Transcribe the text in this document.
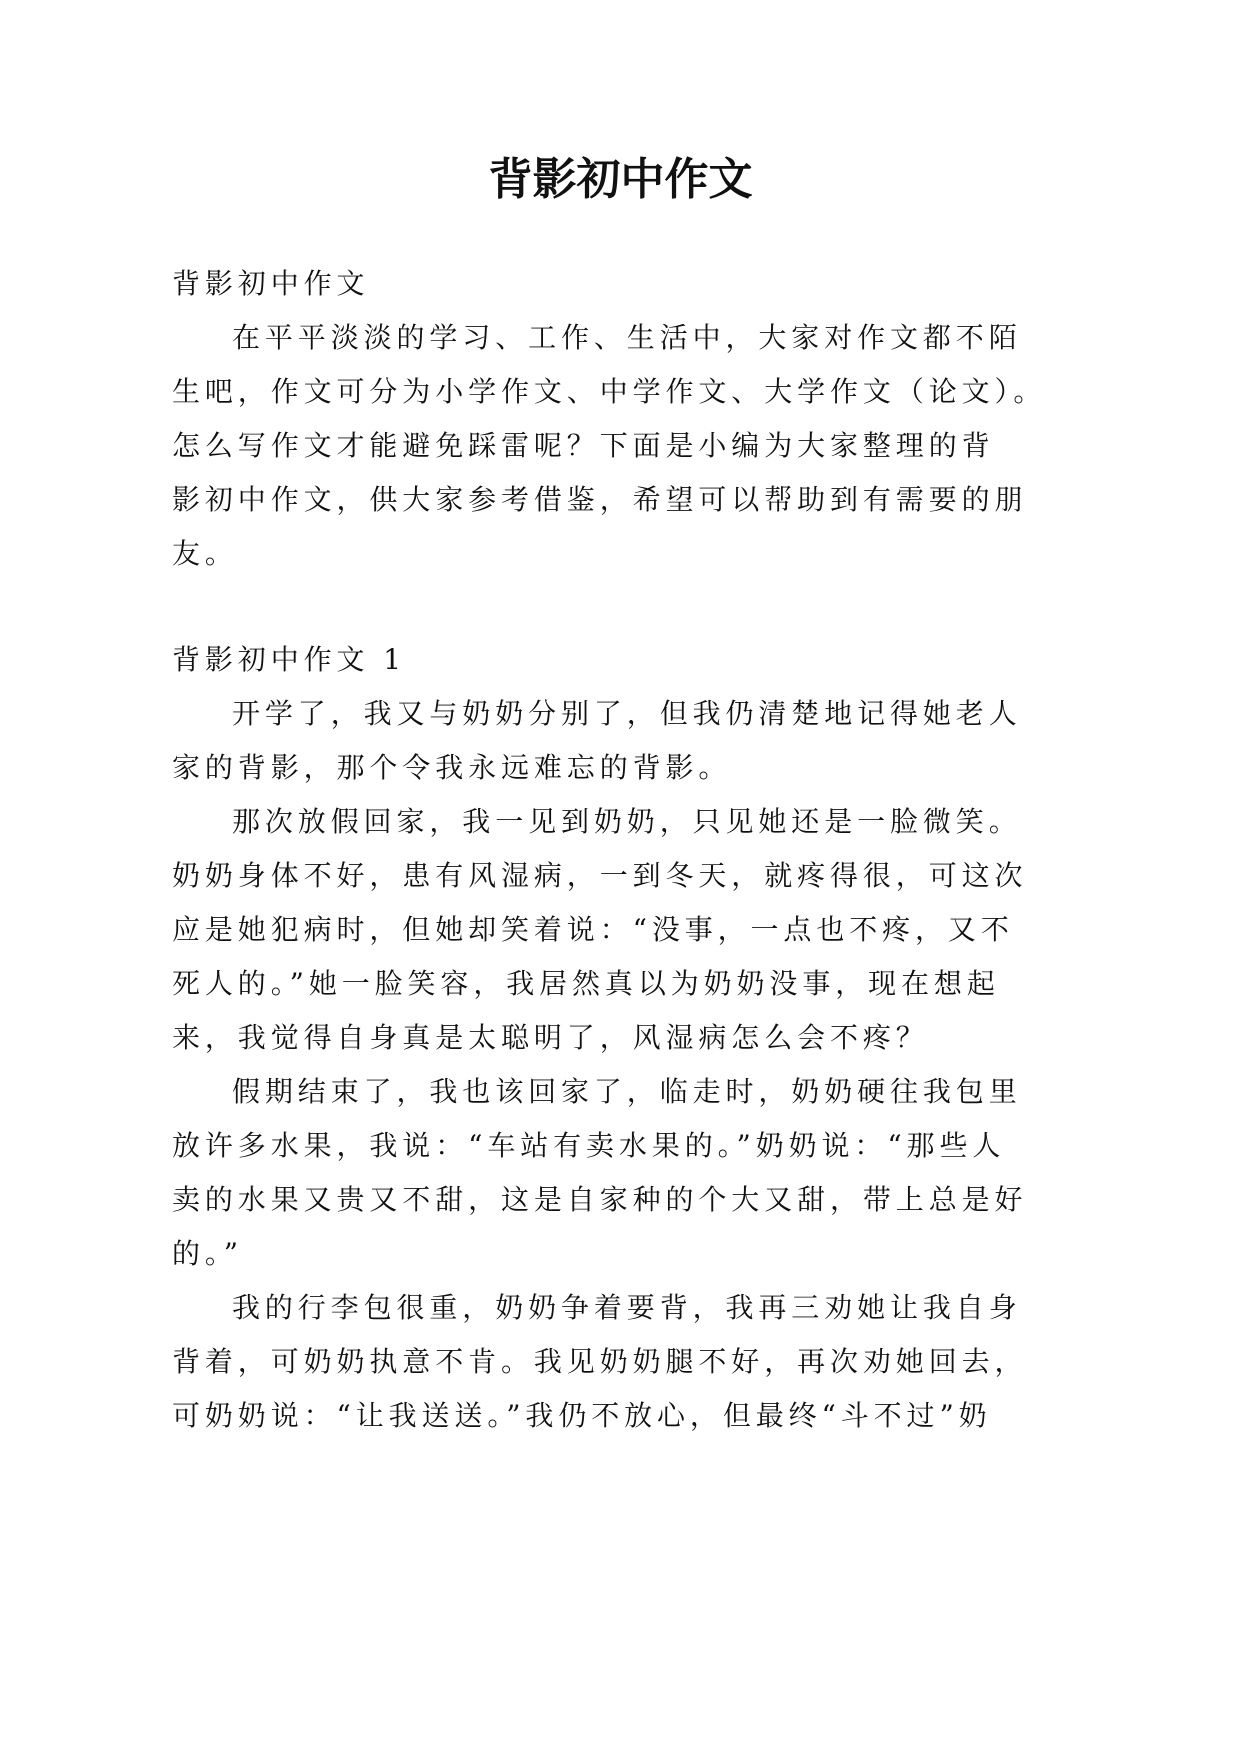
背影初中作文

背影初中作文

在平平淡淡的学习、工作、生活中，大家对作文都不陌

生吧，作文可分为小学作文、中学作文、大学作文（论文）。

怎么写作文才能避免踩雷呢？下面是小编为大家整理的背

影初中作文，供大家参考借鉴，希望可以帮助到有需要的朋

友。

背影初中作文 1

开学了，我又与奶奶分别了，但我仍清楚地记得她老人

家的背影，那个令我永远难忘的背影。

那次放假回家，我一见到奶奶，只见她还是一脸微笑。

奶奶身体不好，患有风湿病，一到冬天，就疼得很，可这次

应是她犯病时，但她却笑着说：“没事，一点也不疼，又不

死人的。”她一脸笑容，我居然真以为奶奶没事，现在想起

来，我觉得自身真是太聪明了，风湿病怎么会不疼？

假期结束了，我也该回家了，临走时，奶奶硬往我包里

放许多水果，我说：“车站有卖水果的。”奶奶说：“那些人

卖的水果又贵又不甜，这是自家种的个大又甜，带上总是好

的。”

我的行李包很重，奶奶争着要背，我再三劝她让我自身

背着，可奶奶执意不肯。我见奶奶腿不好，再次劝她回去，

可奶奶说：“让我送送。”我仍不放心，但最终“斗不过”奶
